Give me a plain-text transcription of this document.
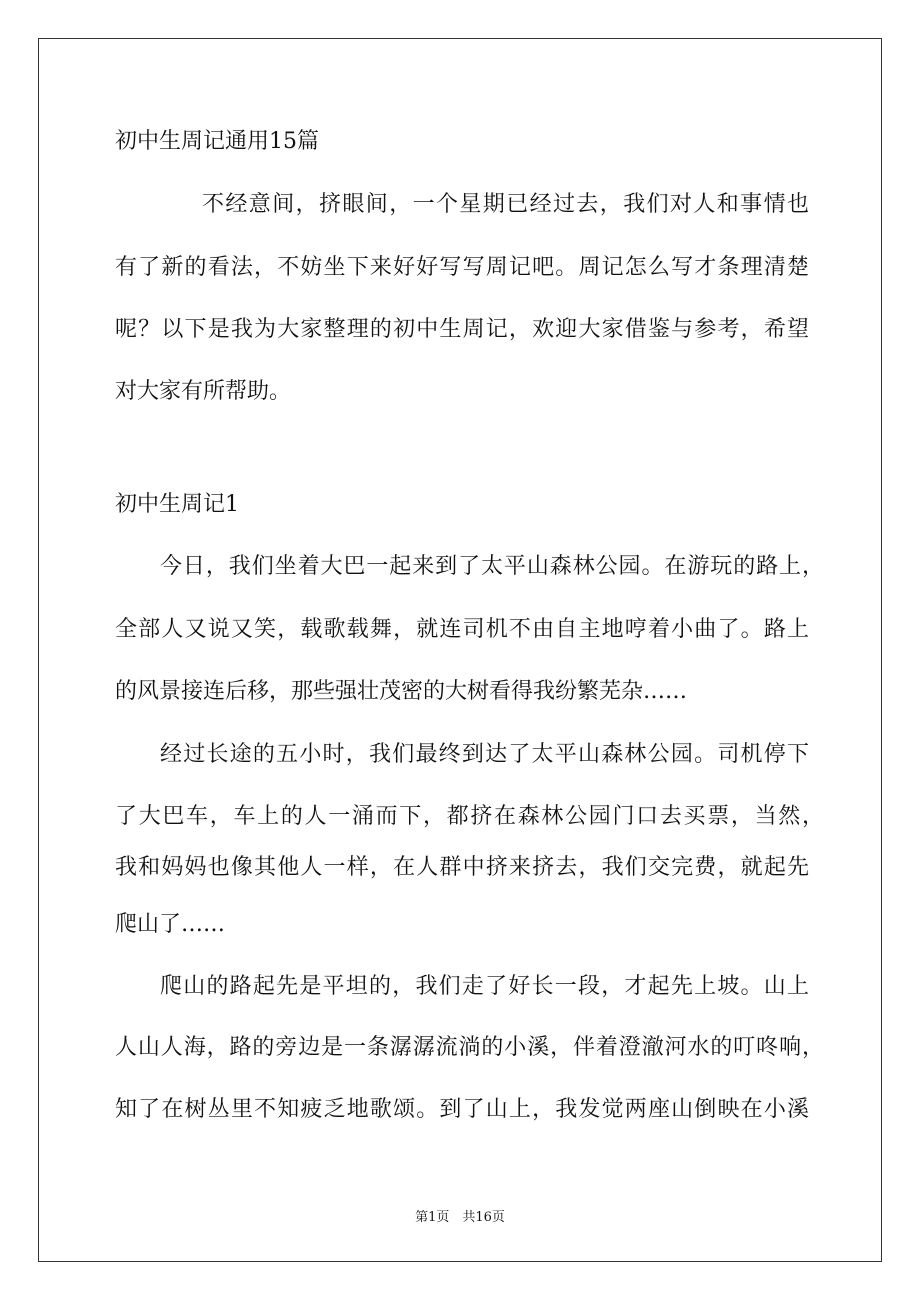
初中生周记通用15篇
不经意间，挤眼间，一个星期已经过去，我们对人和事情也
有了新的看法，不妨坐下来好好写写周记吧。周记怎么写才条理清楚
呢？以下是我为大家整理的初中生周记，欢迎大家借鉴与参考，希望
对大家有所帮助。
初中生周记1
今日，我们坐着大巴一起来到了太平山森林公园。在游玩的路上，
全部人又说又笑，载歌载舞，就连司机不由自主地哼着小曲了。路上
的风景接连后移，那些强壮茂密的大树看得我纷繁芜杂……
经过长途的五小时，我们最终到达了太平山森林公园。司机停下
了大巴车，车上的人一涌而下，都挤在森林公园门口去买票，当然，
我和妈妈也像其他人一样，在人群中挤来挤去，我们交完费，就起先
爬山了……
爬山的路起先是平坦的，我们走了好长一段，才起先上坡。山上
人山人海，路的旁边是一条潺潺流淌的小溪，伴着澄澈河水的叮咚响，
知了在树丛里不知疲乏地歌颂。到了山上，我发觉两座山倒映在小溪
第1页　共16页
